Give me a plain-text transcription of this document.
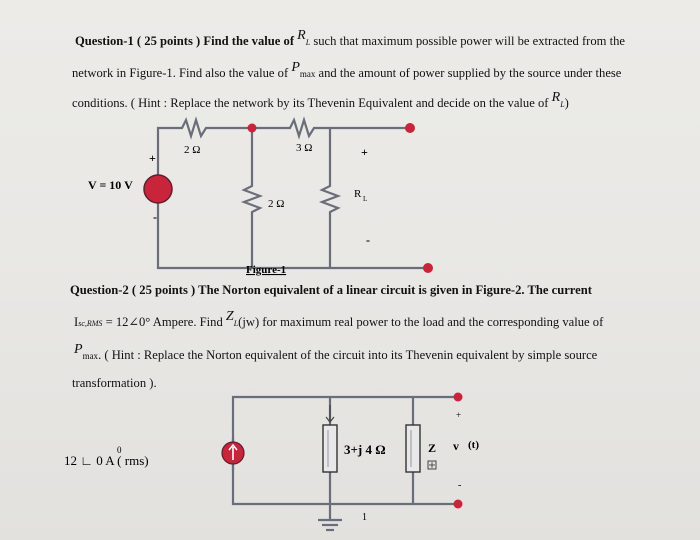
Question-1 ( 25 points ) Find the value of RL such that maximum possible power will be extracted from the
network in Figure-1. Find also the value of Pmax and the amount of power supplied by the source under these
conditions. ( Hint : Replace the network by its Thevenin Equivalent and decide on the value of RL)
+
-
V = 10 V
2 Ω	3 Ω
2 Ω
R L
+
-
Figure-1
Question-2 ( 25 points ) The Norton equivalent of a linear circuit is given in Figure-2. The current
Isc,RMS = 12∠0° Ampere. Find ZL(jw) for maximum real power to the load and the corresponding value of
Pmax. ( Hint : Replace the Norton equivalent of the circuit into its Thevenin equivalent by simple source
transformation ).
12 ∟ 0 A ( rms)
0	3+j 4 Ω	Z v (t)
+
-
1
